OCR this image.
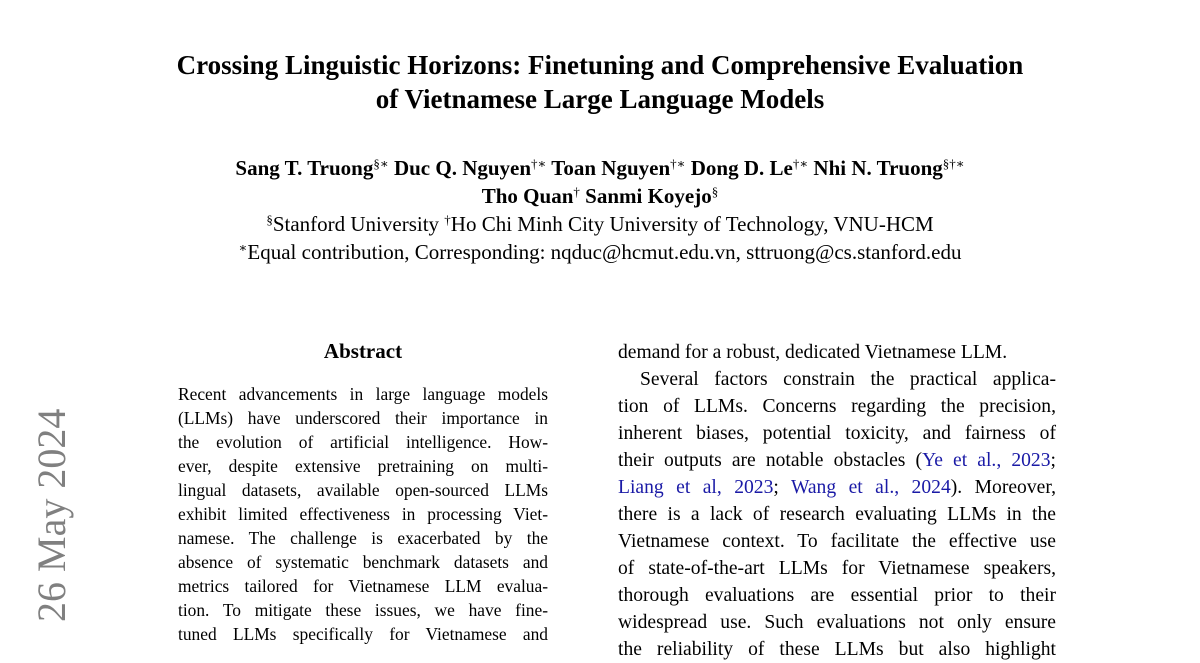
Crossing Linguistic Horizons: Finetuning and Comprehensive Evaluation
of Vietnamese Large Language Models
Sang T. Truong§∗ Duc Q. Nguyen†∗ Toan Nguyen†∗ Dong D. Le†∗ Nhi N. Truong§†∗
Tho Quan† Sanmi Koyejo§
§Stanford University †Ho Chi Minh City University of Technology, VNU-HCM
∗Equal contribution, Corresponding: nqduc@hcmut.edu.vn, sttruong@cs.stanford.edu
26 May 2024
Abstract
Recent advancements in large language models
(LLMs) have underscored their importance in
the evolution of artificial intelligence. How-
ever, despite extensive pretraining on multi-
lingual datasets, available open-sourced LLMs
exhibit limited effectiveness in processing Viet-
namese. The challenge is exacerbated by the
absence of systematic benchmark datasets and
metrics tailored for Vietnamese LLM evalua-
tion. To mitigate these issues, we have fine-
tuned LLMs specifically for Vietnamese and
demand for a robust, dedicated Vietnamese LLM.
Several factors constrain the practical applica-
tion of LLMs. Concerns regarding the precision,
inherent biases, potential toxicity, and fairness of
their outputs are notable obstacles (Ye et al., 2023;
Liang et al, 2023; Wang et al., 2024). Moreover,
there is a lack of research evaluating LLMs in the
Vietnamese context. To facilitate the effective use
of state-of-the-art LLMs for Vietnamese speakers,
thorough evaluations are essential prior to their
widespread use. Such evaluations not only ensure
the reliability of these LLMs but also highlight
